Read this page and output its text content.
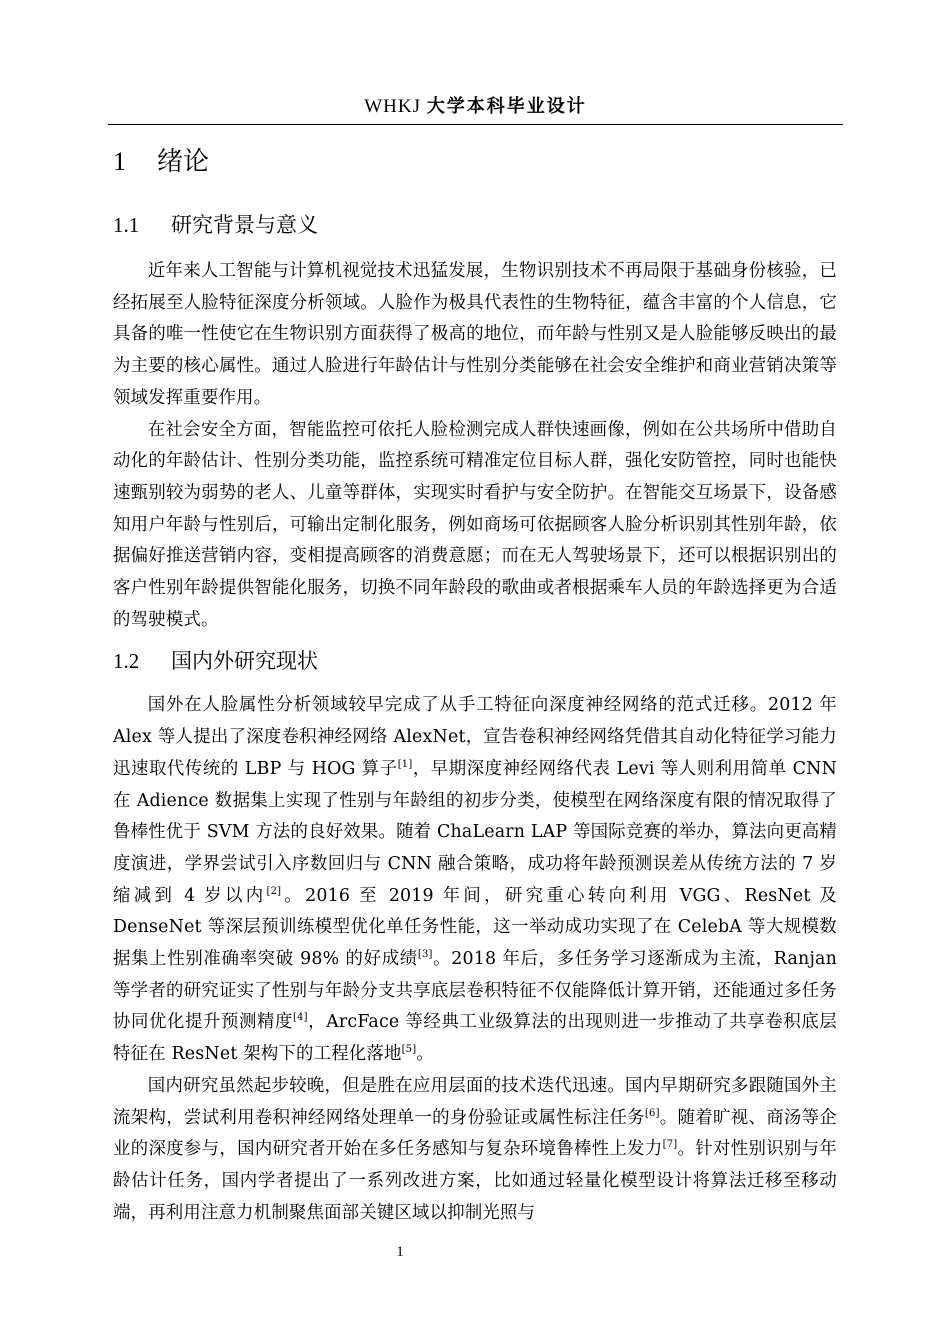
WHKJ 大学本科毕业设计
1 绪论
1.1 研究背景与意义

近年来人工智能与计算机视觉技术迅猛发展，生物识别技术不再局限于基础身份核验，已经拓展至人脸特征深度分析领域。人脸作为极具代表性的生物特征，蕴含丰富的个人信息，它具备的唯一性使它在生物识别方面获得了极高的地位，而年龄与性别又是人脸能够反映出的最为主要的核心属性。通过人脸进行年龄估计与性别分类能够在社会安全维护和商业营销决策等领域发挥重要作用。

在社会安全方面，智能监控可依托人脸检测完成人群快速画像，例如在公共场所中借助自动化的年龄估计、性别分类功能，监控系统可精准定位目标人群，强化安防管控，同时也能快速甄别较为弱势的老人、儿童等群体，实现实时看护与安全防护。在智能交互场景下，设备感知用户年龄与性别后，可输出定制化服务，例如商场可依据顾客人脸分析识别其性别年龄，依据偏好推送营销内容，变相提高顾客的消费意愿；而在无人驾驶场景下，还可以根据识别出的客户性别年龄提供智能化服务，切换不同年龄段的歌曲或者根据乘车人员的年龄选择更为合适的驾驶模式。

1.2 国内外研究现状

国外在人脸属性分析领域较早完成了从手工特征向深度神经网络的范式迁移。2012 年 Alex 等人提出了深度卷积神经网络 AlexNet，宣告卷积神经网络凭借其自动化特征学习能力迅速取代传统的 LBP 与 HOG 算子[1]，早期深度神经网络代表 Levi 等人则利用简单 CNN 在 Adience 数据集上实现了性别与年龄组的初步分类，使模型在网络深度有限的情况取得了鲁棒性优于 SVM 方法的良好效果。随着 ChaLearn LAP 等国际竞赛的举办，算法向更高精度演进，学界尝试引入序数回归与 CNN 融合策略，成功将年龄预测误差从传统方法的 7 岁缩减到 4 岁以内[2]。2016 至 2019 年间，研究重心转向利用 VGG、ResNet 及 DenseNet 等深层预训练模型优化单任务性能，这一举动成功实现了在 CelebA 等大规模数据集上性别准确率突破 98% 的好成绩[3]。2018 年后，多任务学习逐渐成为主流，Ranjan 等学者的研究证实了性别与年龄分支共享底层卷积特征不仅能降低计算开销，还能通过多任务协同优化提升预测精度[4]，ArcFace 等经典工业级算法的出现则进一步推动了共享卷积底层特征在 ResNet 架构下的工程化落地[5]。

国内研究虽然起步较晚，但是胜在应用层面的技术迭代迅速。国内早期研究多跟随国外主流架构，尝试利用卷积神经网络处理单一的身份验证或属性标注任务[6]。随着旷视、商汤等企业的深度参与，国内研究者开始在多任务感知与复杂环境鲁棒性上发力[7]。针对性别识别与年龄估计任务，国内学者提出了一系列改进方案，比如通过轻量化模型设计将算法迁移至移动端，再利用注意力机制聚焦面部关键区域以抑制光照与

1
